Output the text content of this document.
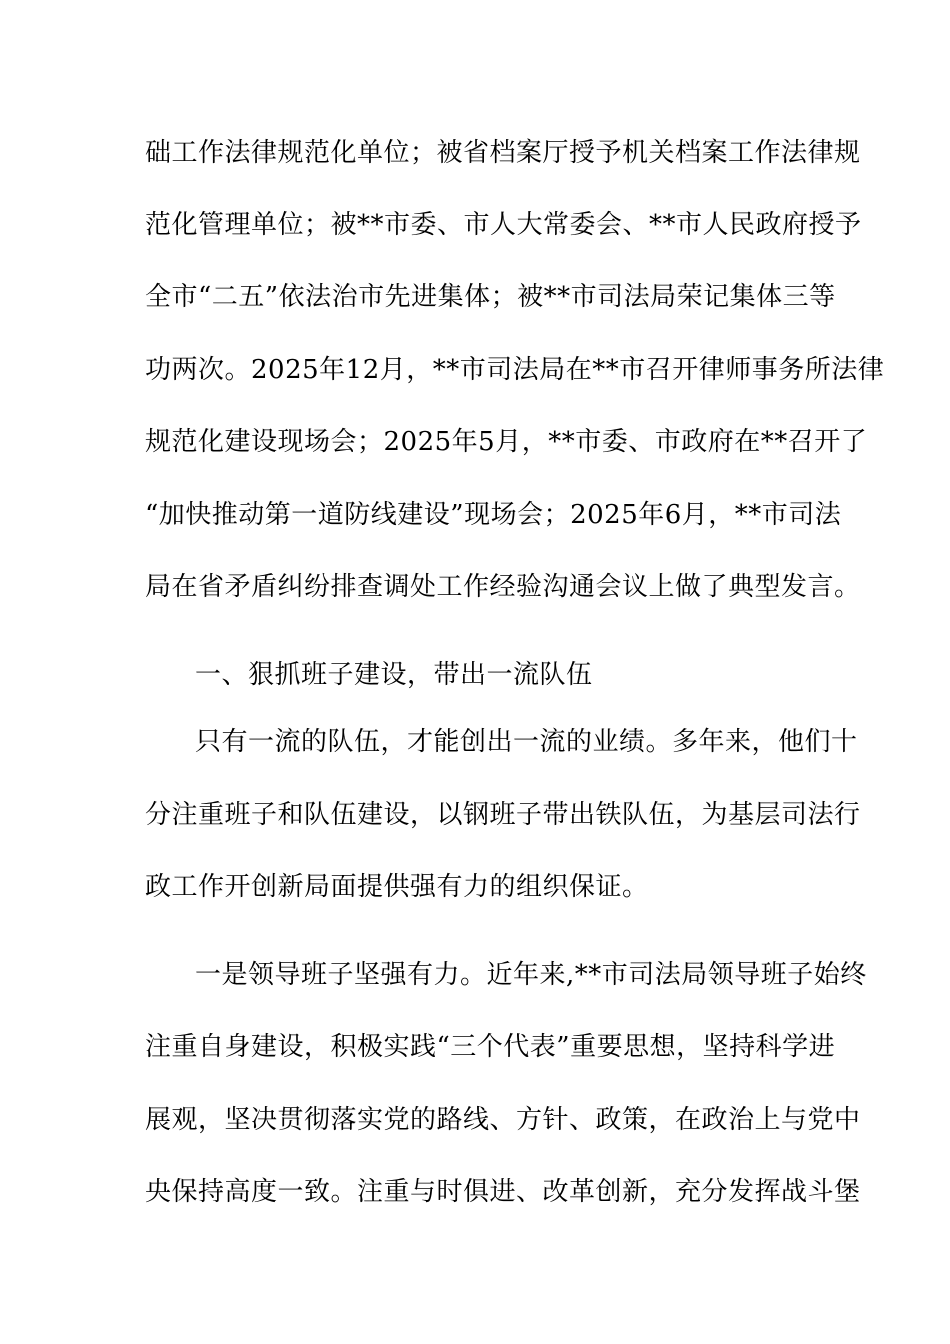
础工作法律规范化单位；被省档案厅授予机关档案工作法律规
范化管理单位；被**市委、市人大常委会、**市人民政府授予
全市“二五”依法治市先进集体；被**市司法局荣记集体三等
功两次。2025年12月，**市司法局在**市召开律师事务所法律
规范化建设现场会；2025年5月，**市委、市政府在**召开了
“加快推动第一道防线建设”现场会；2025年6月，**市司法
局在省矛盾纠纷排查调处工作经验沟通会议上做了典型发言。
一、狠抓班子建设，带出一流队伍
只有一流的队伍，才能创出一流的业绩。多年来，他们十
分注重班子和队伍建设，以钢班子带出铁队伍，为基层司法行
政工作开创新局面提供强有力的组织保证。
一是领导班子坚强有力。近年来,**市司法局领导班子始终
注重自身建设，积极实践“三个代表”重要思想，坚持科学进
展观，坚决贯彻落实党的路线、方针、政策，在政治上与党中
央保持高度一致。注重与时俱进、改革创新，充分发挥战斗堡
